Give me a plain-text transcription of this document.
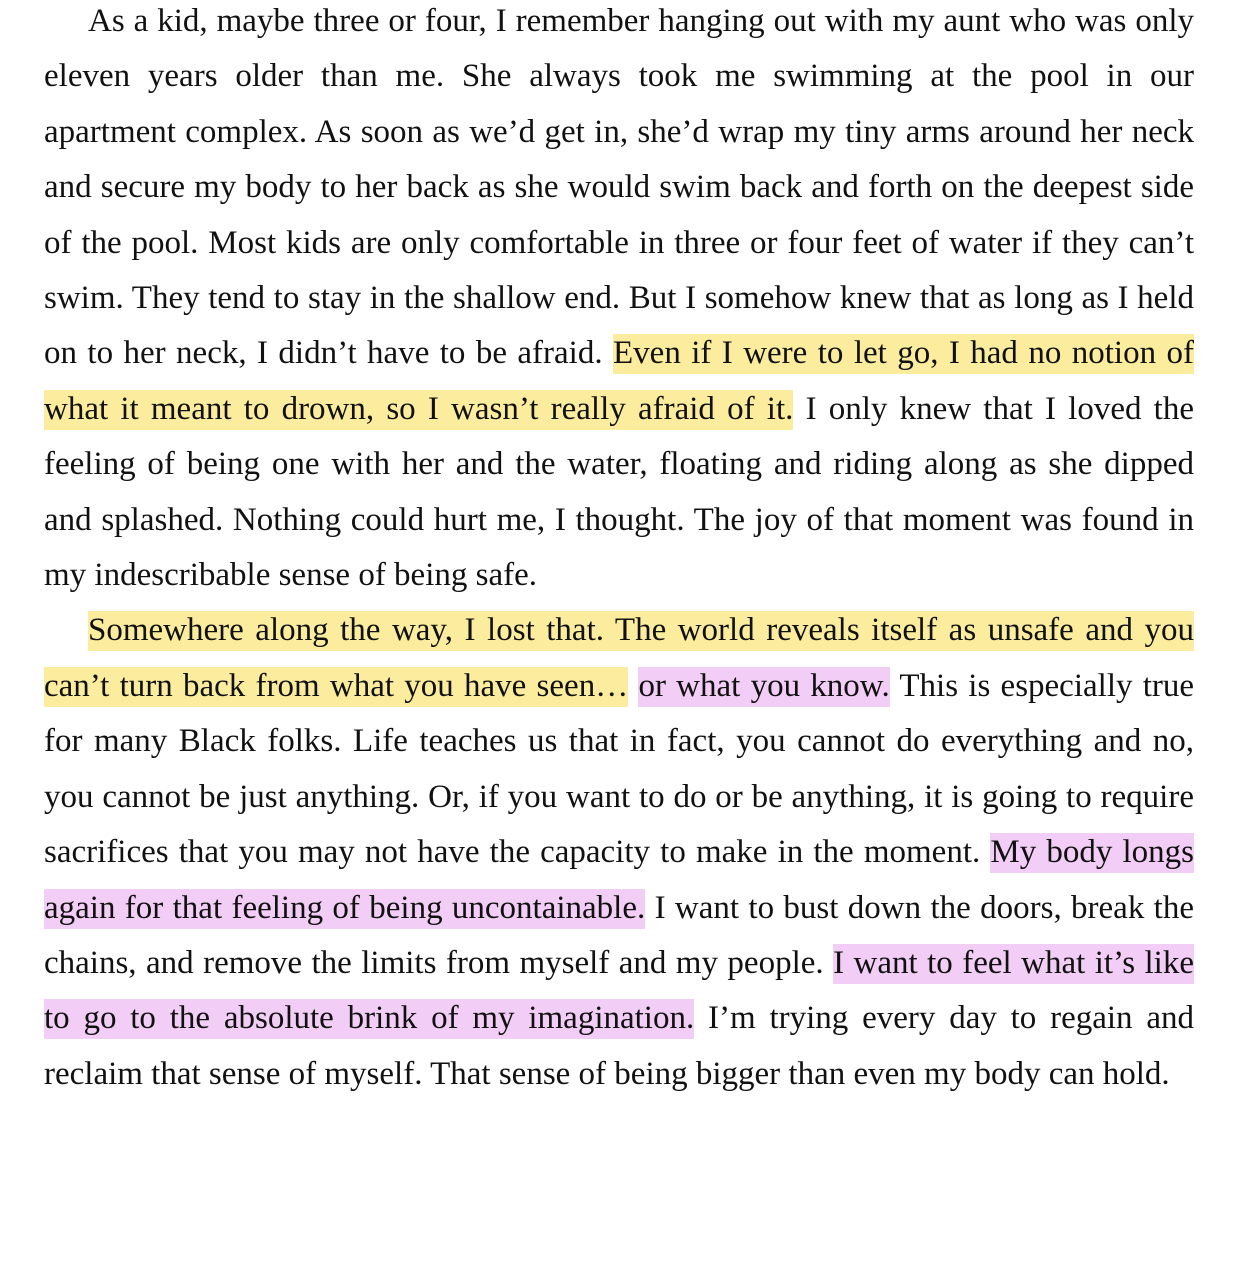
As a kid, maybe three or four, I remember hanging out with my aunt who was only eleven years older than me. She always took me swimming at the pool in our apartment complex. As soon as we’d get in, she’d wrap my tiny arms around her neck and secure my body to her back as she would swim back and forth on the deepest side of the pool. Most kids are only comfortable in three or four feet of water if they can’t swim. They tend to stay in the shallow end. But I somehow knew that as long as I held on to her neck, I didn’t have to be afraid. Even if I were to let go, I had no notion of what it meant to drown, so I wasn’t really afraid of it. I only knew that I loved the feeling of being one with her and the water, floating and riding along as she dipped and splashed. Nothing could hurt me, I thought. The joy of that moment was found in my indescribable sense of being safe.

Somewhere along the way, I lost that. The world reveals itself as unsafe and you can’t turn back from what you have seen… or what you know. This is especially true for many Black folks. Life teaches us that in fact, you cannot do everything and no, you cannot be just anything. Or, if you want to do or be anything, it is going to require sacrifices that you may not have the capacity to make in the moment. My body longs again for that feeling of being uncontainable. I want to bust down the doors, break the chains, and remove the limits from myself and my people. I want to feel what it’s like to go to the absolute brink of my imagination. I’m trying every day to regain and reclaim that sense of myself. That sense of being bigger than even my body can hold.
